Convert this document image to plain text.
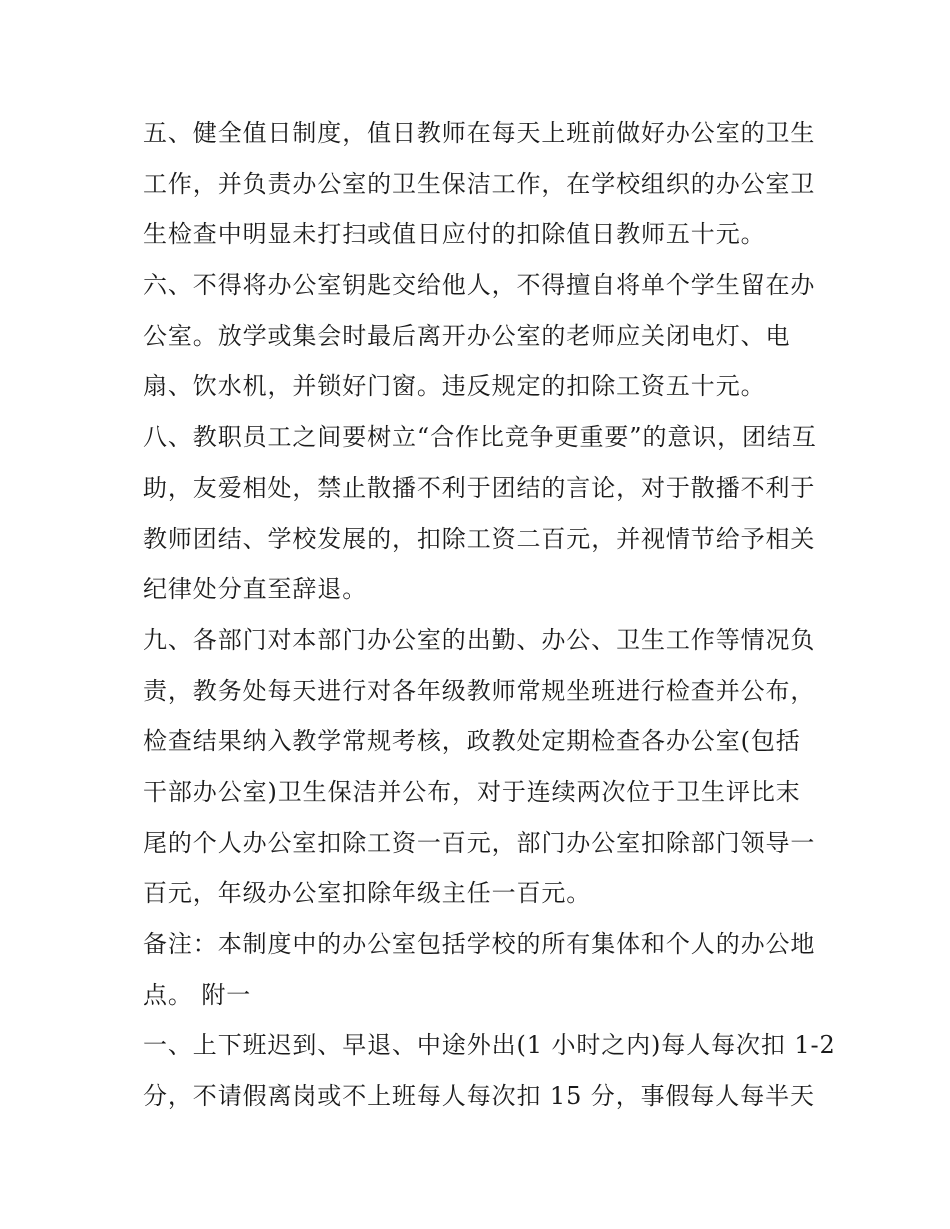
五、健全值日制度，值日教师在每天上班前做好办公室的卫生
工作，并负责办公室的卫生保洁工作，在学校组织的办公室卫
生检查中明显未打扫或值日应付的扣除值日教师五十元。
六、不得将办公室钥匙交给他人，不得擅自将单个学生留在办
公室。放学或集会时最后离开办公室的老师应关闭电灯、电
扇、饮水机，并锁好门窗。违反规定的扣除工资五十元。
八、教职员工之间要树立“合作比竞争更重要”的意识，团结互
助，友爱相处，禁止散播不利于团结的言论，对于散播不利于
教师团结、学校发展的，扣除工资二百元，并视情节给予相关
纪律处分直至辞退。
九、各部门对本部门办公室的出勤、办公、卫生工作等情况负
责，教务处每天进行对各年级教师常规坐班进行检查并公布，
检查结果纳入教学常规考核，政教处定期检查各办公室(包括
干部办公室)卫生保洁并公布，对于连续两次位于卫生评比末
尾的个人办公室扣除工资一百元，部门办公室扣除部门领导一
百元，年级办公室扣除年级主任一百元。
备注：本制度中的办公室包括学校的所有集体和个人的办公地
点。 附一
一、上下班迟到、早退、中途外出(1 小时之内)每人每次扣 1-2
分，不请假离岗或不上班每人每次扣 15 分，事假每人每半天
